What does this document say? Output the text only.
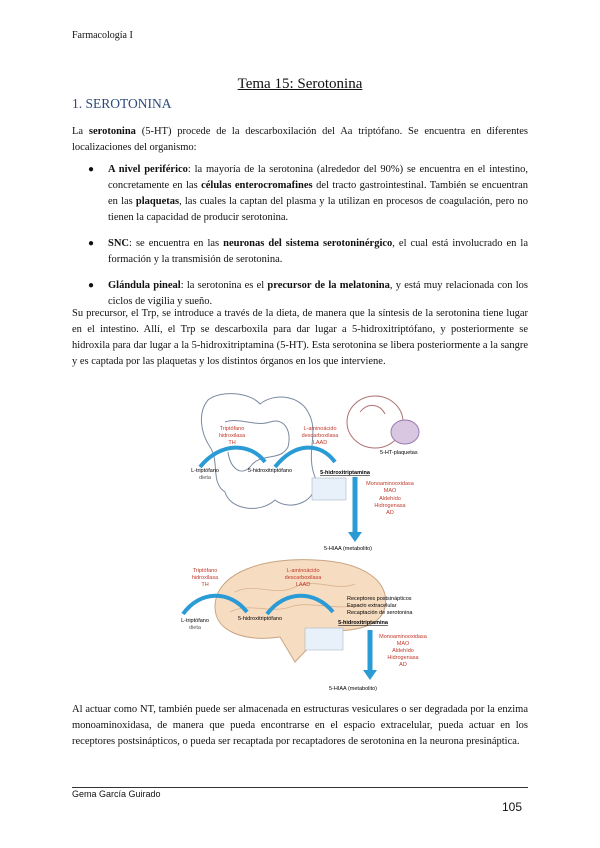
Farmacología I
Tema 15: Serotonina
1. SEROTONINA
La serotonina (5-HT) procede de la descarboxilación del Aa triptófano. Se encuentra en diferentes localizaciones del organismo:
● A nivel periférico: la mayoría de la serotonina (alrededor del 90%) se encuentra en el intestino, concretamente en las células enterocromafines del tracto gastrointestinal. También se encuentran en las plaquetas, las cuales la captan del plasma y la utilizan en procesos de coagulación, pero no tienen la capacidad de producir serotonina.
● SNC: se encuentra en las neuronas del sistema serotoninérgico, el cual está involucrado en la formación y la transmisión de serotonina.
● Glándula pineal: la serotonina es el precursor de la melatonina, y está muy relacionada con los ciclos de vigilia y sueño.
Su precursor, el Trp, se introduce a través de la dieta, de manera que la síntesis de la serotonina tiene lugar en el intestino. Allí, el Trp se descarboxila para dar lugar a 5-hidroxitriptófano, y posteriormente se hidroxila para dar lugar a la 5-hidroxitriptamina (5-HT). Esta serotonina se libera posteriormente a la sangre y es captada por las plaquetas y los distintos órganos en los que interviene.
Triptófano
hidroxilasa
TH
L-aminoácido
descarboxilasa
LAAD
L-triptófano
dieta
5-hidroxitriptófano	5-hidroxitriptamina
5-HT-plaquetas
Monoaminooxidasa
MAO
Aldehído
Hidrogenasa
AD
5-HIAA (metabolito)
Triptófano
hidroxilasa
TH
L-aminoácido
descarboxilasa
LAAD
L-triptófano
dieta
5-hidroxitriptófano
5-hidroxitriptamina
Receptores postsinápticos
Espacio extracelular
Recaptación de serotonina
Monoaminooxidasa
MAO
Aldehído
Hidrogenasa
AD
5-HIAA (metabolito)
Al actuar como NT, también puede ser almacenada en estructuras vesiculares o ser degradada por la enzima monoaminoxidasa, de manera que pueda encontrarse en el espacio extracelular, pueda actuar en los receptores postsinápticos, o pueda ser recaptada por recaptadores de serotonina en la neurona presináptica.
Gema García Guirado
105
